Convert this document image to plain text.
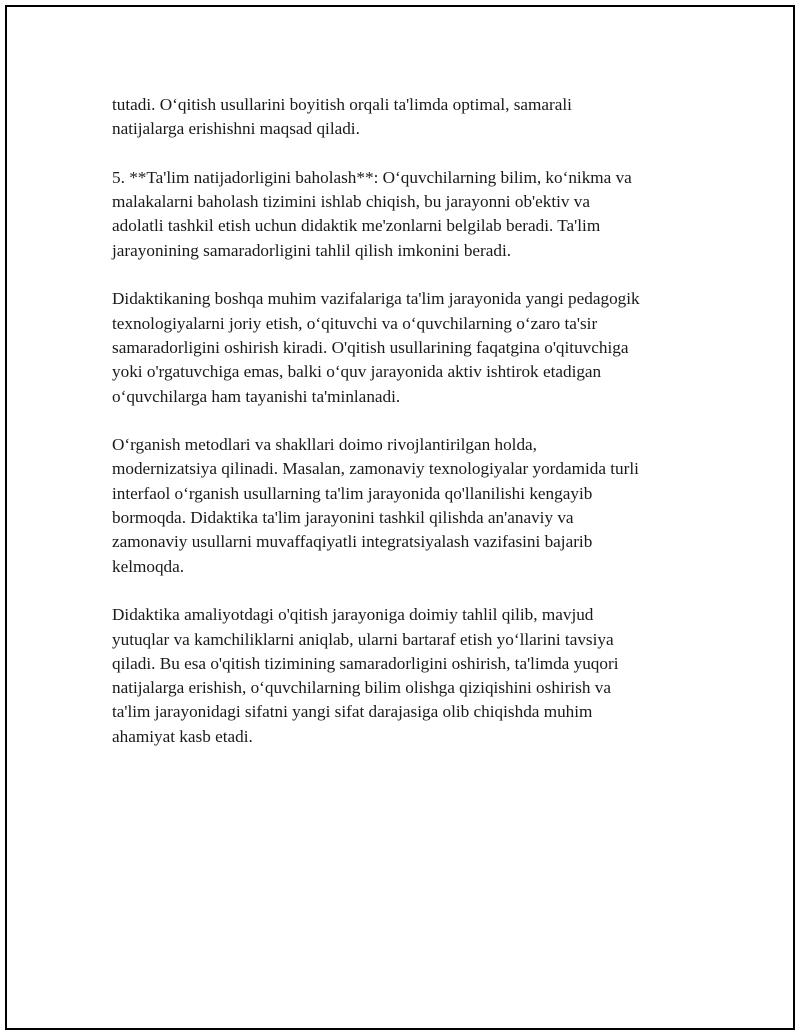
tutadi. O‘qitish usullarini boyitish orqali ta'limda optimal, samarali
natijalarga erishishni maqsad qiladi.

5. **Ta'lim natijadorligini baholash**: O‘quvchilarning bilim, ko‘nikma va
malakalarni baholash tizimini ishlab chiqish, bu jarayonni ob'ektiv va
adolatli tashkil etish uchun didaktik me'zonlarni belgilab beradi. Ta'lim
jarayonining samaradorligini tahlil qilish imkonini beradi.

Didaktikaning boshqa muhim vazifalariga ta'lim jarayonida yangi pedagogik
texnologiyalarni joriy etish, o‘qituvchi va o‘quvchilarning o‘zaro ta'sir
samaradorligini oshirish kiradi. O'qitish usullarining faqatgina o'qituvchiga
yoki o'rgatuvchiga emas, balki o‘quv jarayonida aktiv ishtirok etadigan
o‘quvchilarga ham tayanishi ta'minlanadi.

O‘rganish metodlari va shakllari doimo rivojlantirilgan holda,
modernizatsiya qilinadi. Masalan, zamonaviy texnologiyalar yordamida turli
interfaol o‘rganish usullarning ta'lim jarayonida qo'llanilishi kengayib
bormoqda. Didaktika ta'lim jarayonini tashkil qilishda an'anaviy va
zamonaviy usullarni muvaffaqiyatli integratsiyalash vazifasini bajarib
kelmoqda.

Didaktika amaliyotdagi o'qitish jarayoniga doimiy tahlil qilib, mavjud
yutuqlar va kamchiliklarni aniqlab, ularni bartaraf etish yo‘llarini tavsiya
qiladi. Bu esa o'qitish tizimining samaradorligini oshirish, ta'limda yuqori
natijalarga erishish, o‘quvchilarning bilim olishga qiziqishini oshirish va
ta'lim jarayonidagi sifatni yangi sifat darajasiga olib chiqishda muhim
ahamiyat kasb etadi.
